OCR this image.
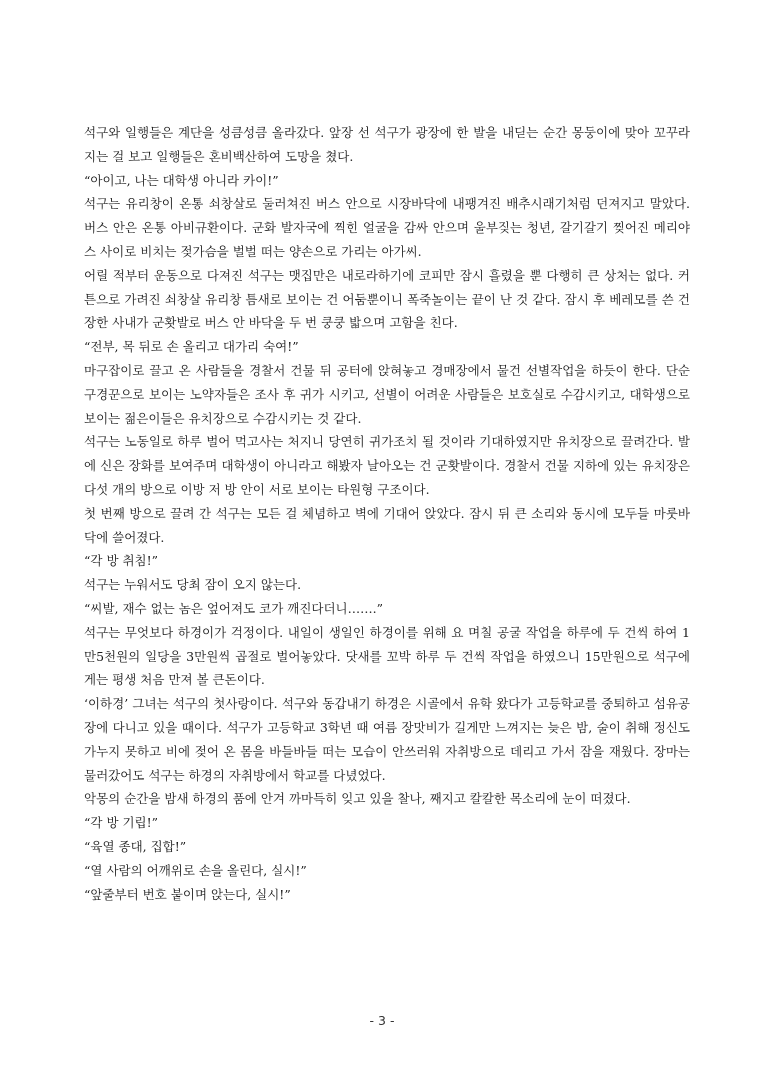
석구와 일행들은 계단을 성큼성큼 올라갔다. 앞장 선 석구가 광장에 한 발을 내딛는 순간 몽둥이에 맞아 꼬꾸라지는 걸 보고 일행들은 혼비백산하여 도망을 쳤다.

“아이고, 나는 대학생 아니라 카이!”

석구는 유리창이 온통 쇠창살로 둘러쳐진 버스 안으로 시장바닥에 내팽겨진 배추시래기처럼 던져지고 말았다. 버스 안은 온통 아비규환이다. 군화 발자국에 찍힌 얼굴을 감싸 안으며 울부짖는 청년, 갈기갈기 찢어진 메리야스 사이로 비치는 젖가슴을 벌벌 떠는 양손으로 가리는 아가씨.

어릴 적부터 운동으로 다져진 석구는 맷집만은 내로라하기에 코피만 잠시 흘렸을 뿐 다행히 큰 상처는 없다. 커튼으로 가려진 쇠창살 유리창 틈새로 보이는 건 어둠뿐이니 폭죽놀이는 끝이 난 것 같다. 잠시 후 베레모를 쓴 건장한 사내가 군홧발로 버스 안 바닥을 두 번 쿵쿵 밟으며 고함을 친다.

“전부, 목 뒤로 손 올리고 대가리 숙여!”

마구잡이로 끌고 온 사람들을 경찰서 건물 뒤 공터에 앉혀놓고 경매장에서 물건 선별작업을 하듯이 한다. 단순 구경꾼으로 보이는 노약자들은 조사 후 귀가 시키고, 선별이 어려운 사람들은 보호실로 수감시키고, 대학생으로 보이는 젊은이들은 유치장으로 수감시키는 것 같다.

석구는 노동일로 하루 벌어 먹고사는 처지니 당연히 귀가조치 될 것이라 기대하였지만 유치장으로 끌려간다. 발에 신은 장화를 보여주며 대학생이 아니라고 해봤자 날아오는 건 군홧발이다. 경찰서 건물 지하에 있는 유치장은 다섯 개의 방으로 이방 저 방 안이 서로 보이는 타원형 구조이다.

첫 번째 방으로 끌려 간 석구는 모든 걸 체념하고 벽에 기대어 앉았다. 잠시 뒤 큰 소리와 동시에 모두들 마룻바닥에 쓸어졌다.

“각 방 취침!”

석구는 누워서도 당최 잠이 오지 않는다.

“씨발, 재수 없는 놈은 엎어져도 코가 깨진다더니…….”

석구는 무엇보다 하경이가 걱정이다. 내일이 생일인 하경이를 위해 요 며칠 공굴 작업을 하루에 두 건씩 하여 1만5천원의 일당을 3만원씩 곱절로 벌어놓았다. 닷새를 꼬박 하루 두 건씩 작업을 하였으니 15만원으로 석구에게는 평생 처음 만져 볼 큰돈이다.

‘이하경’ 그녀는 석구의 첫사랑이다. 석구와 동갑내기 하경은 시골에서 유학 왔다가 고등학교를 중퇴하고 섬유공장에 다니고 있을 때이다. 석구가 고등학교 3학년 때 여름 장맛비가 길게만 느껴지는 늦은 밤, 술이 취해 정신도 가누지 못하고 비에 젖어 온 몸을 바들바들 떠는 모습이 안쓰러워 자취방으로 데리고 가서 잠을 재웠다. 장마는 물러갔어도 석구는 하경의 자취방에서 학교를 다녔었다.

악몽의 순간을 밤새 하경의 품에 안겨 까마득히 잊고 있을 찰나, 째지고 칼칼한 목소리에 눈이 떠졌다.

“각 방 기립!”

“육열 종대, 집합!”

“열 사람의 어깨위로 손을 올린다, 실시!”

“앞줄부터 번호 붙이며 앉는다, 실시!”

- 3 -
